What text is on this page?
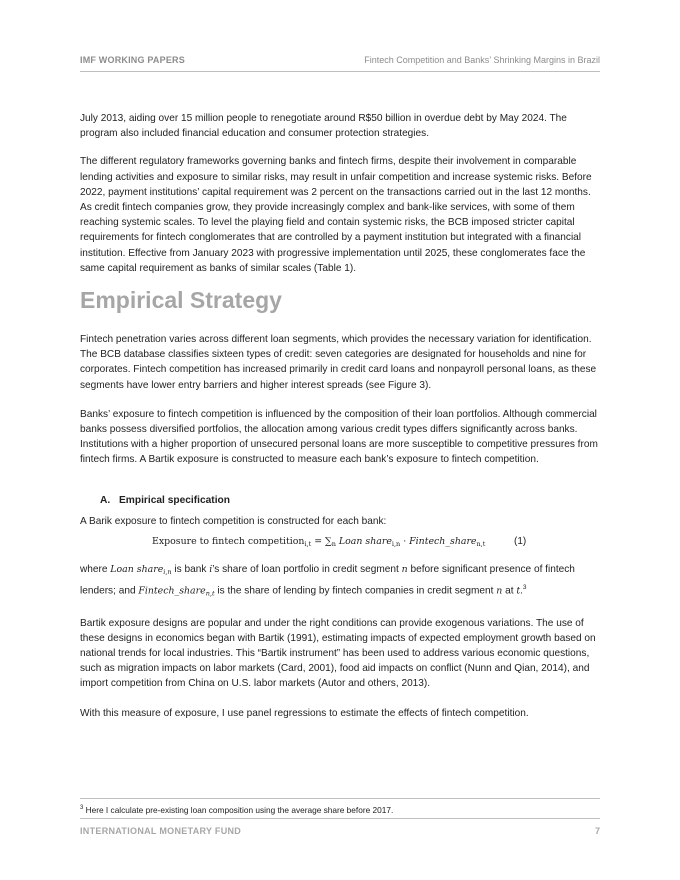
IMF WORKING PAPERS	Fintech Competition and Banks’ Shrinking Margins in Brazil

July 2013, aiding over 15 million people to renegotiate around R$50 billion in overdue debt by May 2024. The program also included financial education and consumer protection strategies.

The different regulatory frameworks governing banks and fintech firms, despite their involvement in comparable lending activities and exposure to similar risks, may result in unfair competition and increase systemic risks. Before 2022, payment institutions’ capital requirement was 2 percent on the transactions carried out in the last 12 months. As credit fintech companies grow, they provide increasingly complex and bank-like services, with some of them reaching systemic scales. To level the playing field and contain systemic risks, the BCB imposed stricter capital requirements for fintech conglomerates that are controlled by a payment institution but integrated with a financial institution. Effective from January 2023 with progressive implementation until 2025, these conglomerates face the same capital requirement as banks of similar scales (Table 1).

Empirical Strategy

Fintech penetration varies across different loan segments, which provides the necessary variation for identification. The BCB database classifies sixteen types of credit: seven categories are designated for households and nine for corporates. Fintech competition has increased primarily in credit card loans and nonpayroll personal loans, as these segments have lower entry barriers and higher interest spreads (see Figure 3).

Banks’ exposure to fintech competition is influenced by the composition of their loan portfolios. Although commercial banks possess diversified portfolios, the allocation among various credit types differs significantly across banks. Institutions with a higher proportion of unsecured personal loans are more susceptible to competitive pressures from fintech firms. A Bartik exposure is constructed to measure each bank’s exposure to fintech competition.

A. Empirical specification

A Barik exposure to fintech competition is constructed for each bank:

Exposure to fintech competition$_{i,t}$ = $\sum_n$ Loan share$_{i,n}$ · Fintech_share$_{n,t}$	(1)

where Loan share$_{i,n}$ is bank i’s share of loan portfolio in credit segment n before significant presence of fintech lenders; and Fintech_share$_{n,t}$ is the share of lending by fintech companies in credit segment n at t.$^3$

Bartik exposure designs are popular and under the right conditions can provide exogenous variations. The use of these designs in economics began with Bartik (1991), estimating impacts of expected employment growth based on national trends for local industries. This “Bartik instrument” has been used to address various economic questions, such as migration impacts on labor markets (Card, 2001), food aid impacts on conflict (Nunn and Qian, 2014), and import competition from China on U.S. labor markets (Autor and others, 2013).

With this measure of exposure, I use panel regressions to estimate the effects of fintech competition.

$^3$ Here I calculate pre-existing loan composition using the average share before 2017.
INTERNATIONAL MONETARY FUND	7
